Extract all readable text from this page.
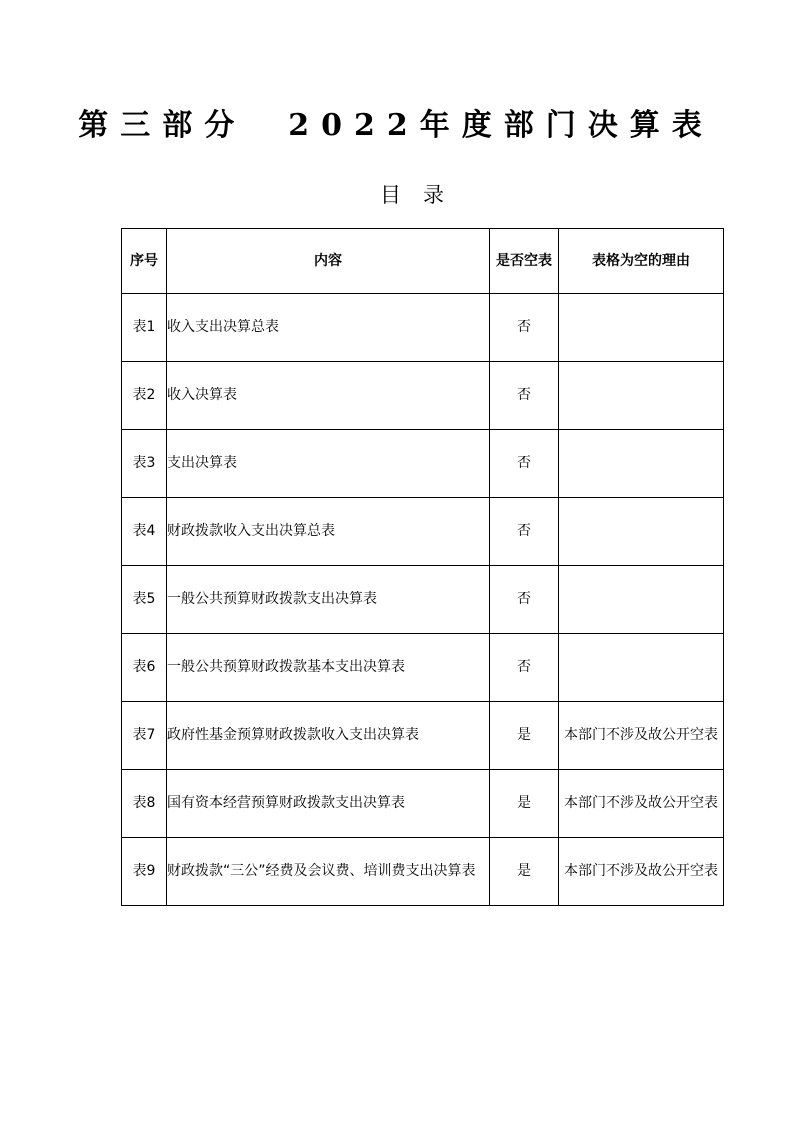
第三部分　2022年度部门决算表
目录
序号	内容	是否空表	表格为空的理由
表1	收入支出决算总表	否	
表2	收入决算表	否	
表3	支出决算表	否	
表4	财政拨款收入支出决算总表	否	
表5	一般公共预算财政拨款支出决算表	否	
表6	一般公共预算财政拨款基本支出决算表	否	
表7	政府性基金预算财政拨款收入支出决算表	是	本部门不涉及故公开空表
表8	国有资本经营预算财政拨款支出决算表	是	本部门不涉及故公开空表
表9	财政拨款“三公”经费及会议费、培训费支出决算表	是	本部门不涉及故公开空表
